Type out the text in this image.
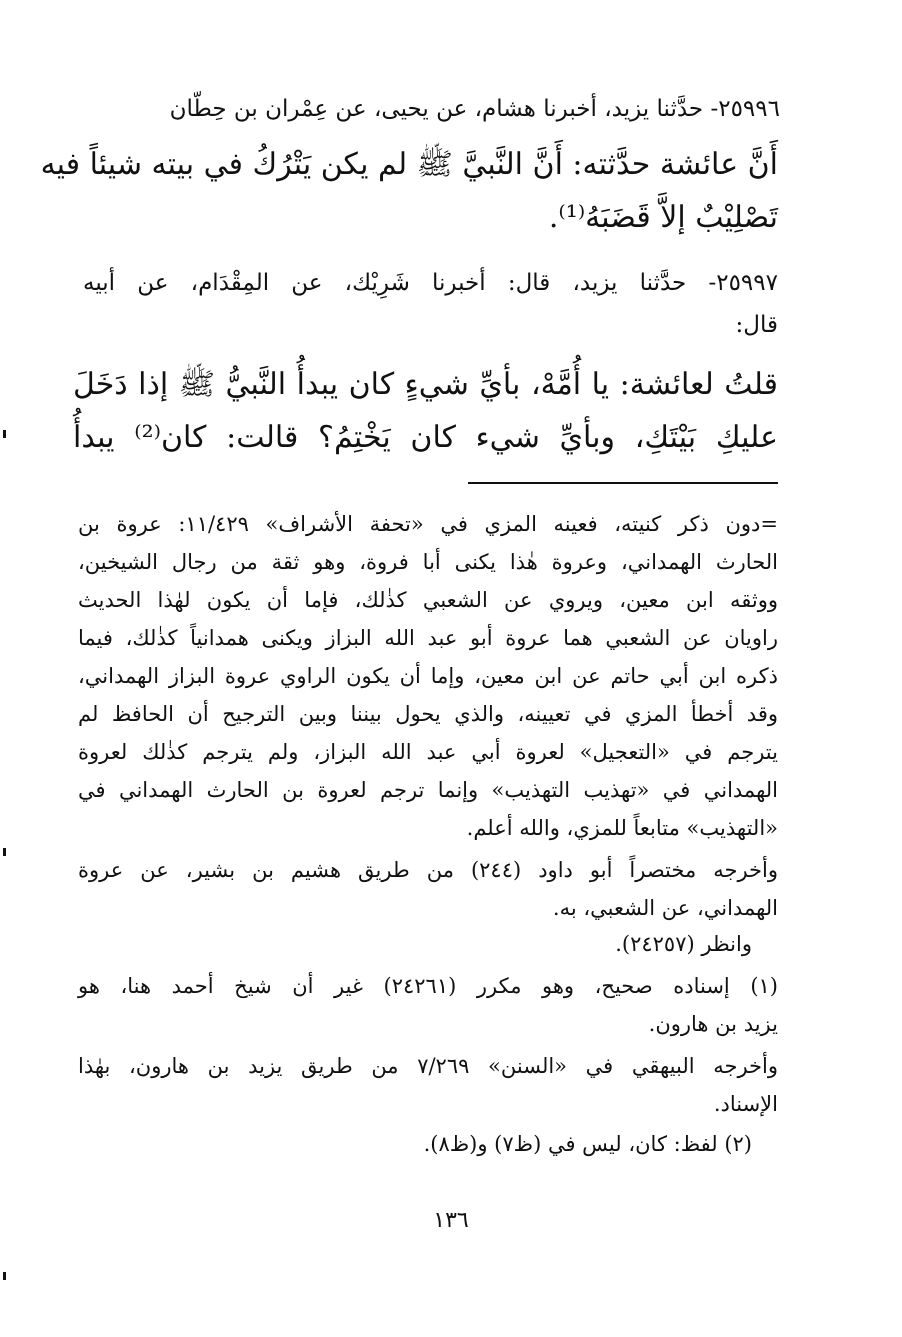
٢٥٩٩٦- حدَّثنا يزيد، أخبرنا هشام، عن يحيى، عن عِمْران بن حِطّان
أَنَّ عائشة حدَّثته: أَنَّ النَّبيَّ ﷺ لم يكن يَتْرُكُ في بيته شيئاً فيه
تَصْلِيْبٌ إلاَّ قَضَبَهُ⁽¹⁾.
٢٥٩٩٧- حدَّثنا يزيد، قال: أخبرنا شَرِيْك، عن المِقْدَام، عن أبيه
قال:
قلتُ لعائشة: يا أُمَّهْ، بأيِّ شيءٍ كان يبدأُ النَّبيُّ ﷺ إذا دَخَلَ
عليكِ بَيْتَكِ، وبأيِّ شيء كان يَخْتِمُ؟ قالت: كان⁽²⁾ يبدأُ
=دون ذكر كنيته، فعينه المزي في «تحفة الأشراف» ١١/٤٢٩: عروة بن
الحارث الهمداني، وعروة هٰذا يكنى أبا فروة، وهو ثقة من رجال الشيخين،
ووثقه ابن معين، ويروي عن الشعبي كذٰلك، فإما أن يكون لهٰذا الحديث
راويان عن الشعبي هما عروة أبو عبد الله البزاز ويكنى همدانياً كذٰلك، فيما
ذكره ابن أبي حاتم عن ابن معين، وإما أن يكون الراوي عروة البزاز الهمداني،
وقد أخطأ المزي في تعيينه، والذي يحول بيننا وبين الترجيح أن الحافظ لم
يترجم في «التعجيل» لعروة أبي عبد الله البزاز، ولم يترجم كذٰلك لعروة
الهمداني في «تهذيب التهذيب» وإنما ترجم لعروة بن الحارث الهمداني في
«التهذيب» متابعاً للمزي، والله أعلم.
وأخرجه مختصراً أبو داود (٢٤٤) من طريق هشيم بن بشير، عن عروة
الهمداني، عن الشعبي، به.
وانظر (٢٤٢٥٧).
(١) إسناده صحيح، وهو مكرر (٢٤٢٦١) غير أن شيخ أحمد هنا، هو
يزيد بن هارون.
وأخرجه البيهقي في «السنن» ٧/٢٦٩ من طريق يزيد بن هارون، بهٰذا
الإسناد.
(٢) لفظ: كان، ليس في (ظ٧) و(ظ٨).
١٣٦
